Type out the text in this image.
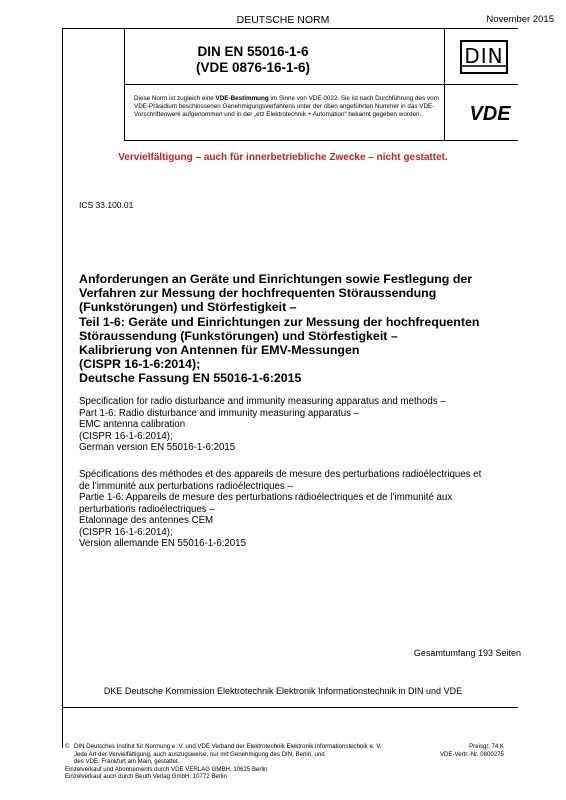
DEUTSCHE NORM	November 2015
DIN EN 55016-1-6
(VDE 0876-16-1-6)	DIN
Diese Norm ist zugleich eine VDE-Bestimmung im Sinne von VDE 0022. Sie ist nach Durchführung des vom VDE-Präsidium beschlossenen Genehmigungsverfahrens unter der oben angeführten Nummer in das VDE-Vorschriftenwerk aufgenommen und in der „etz Elektrotechnik + Automation“ bekannt gegeben worden.	VDE
Vervielfältigung – auch für innerbetriebliche Zwecke – nicht gestattet.
ICS 33.100.01
Anforderungen an Geräte und Einrichtungen sowie Festlegung der
Verfahren zur Messung der hochfrequenten Störaussendung
(Funkstörungen) und Störfestigkeit –
Teil 1-6: Geräte und Einrichtungen zur Messung der hochfrequenten
Störaussendung (Funkstörungen) und Störfestigkeit –
Kalibrierung von Antennen für EMV-Messungen
(CISPR 16-1-6:2014);
Deutsche Fassung EN 55016-1-6:2015
Specification for radio disturbance and immunity measuring apparatus and methods –
Part 1-6: Radio disturbance and immunity measuring apparatus –
EMC antenna calibration
(CISPR 16-1-6:2014);
German version EN 55016-1-6:2015
Spécifications des méthodes et des appareils de mesure des perturbations radioélectriques et
de l’immunité aux perturbations radioélectriques –
Partie 1-6: Appareils de mesure des perturbations radioélectriques et de l’immunité aux
perturbations radioélectriques –
Étalonnage des antennes CEM
(CISPR 16-1-6:2014);
Version allemande EN 55016-1-6:2015
Gesamtumfang 193 Seiten
DKE Deutsche Kommission Elektrotechnik Elektronik Informationstechnik in DIN und VDE
© DIN Deutsches Institut für Normung e. V. und VDE Verband der Elektrotechnik Elektronik Informationstechnik e. V.
Jede Art der Vervielfältigung, auch auszugsweise, nur mit Genehmigung des DIN, Berlin, und
des VDE, Frankfurt am Main, gestattet.
Einzelverkauf und Abonnements durch VDE VERLAG GMBH, 10625 Berlin
Einzelverkauf auch durch Beuth Verlag GmbH, 10772 Berlin
Preisgr. 74 K
VDE-Vertr.-Nr. 0800275
